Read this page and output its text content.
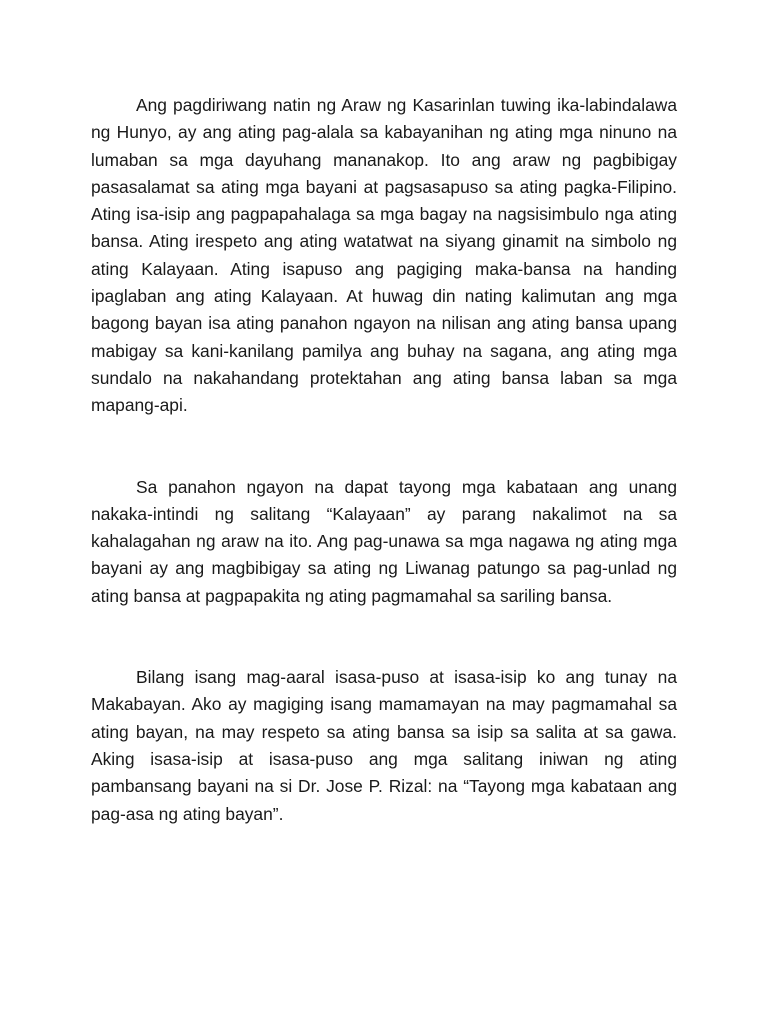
Ang pagdiriwang natin ng Araw ng Kasarinlan tuwing ika-labindalawa ng Hunyo, ay ang ating pag-alala sa kabayanihan ng ating mga ninuno na lumaban sa mga dayuhang mananakop. Ito ang araw ng pagbibigay pasasalamat sa ating mga bayani at pagsasapuso sa ating pagka-Filipino. Ating isa-isip ang pagpapahalaga sa mga bagay na nagsisimbulo nga ating bansa. Ating irespeto ang ating watatwat na siyang ginamit na simbolo ng ating Kalayaan. Ating isapuso ang pagiging maka-bansa na handing ipaglaban ang ating Kalayaan. At huwag din nating kalimutan ang mga bagong bayan isa ating panahon ngayon na nilisan ang ating bansa upang mabigay sa kani-kanilang pamilya ang buhay na sagana, ang ating mga sundalo na nakahandang protektahan ang ating bansa laban sa mga mapang-api.

Sa panahon ngayon na dapat tayong mga kabataan ang unang nakaka-intindi ng salitang “Kalayaan” ay parang nakalimot na sa kahalagahan ng araw na ito. Ang pag-unawa sa mga nagawa ng ating mga bayani ay ang magbibigay sa ating ng Liwanag patungo sa pag-unlad ng ating bansa at pagpapakita ng ating pagmamahal sa sariling bansa.

Bilang isang mag-aaral isasa-puso at isasa-isip ko ang tunay na Makabayan. Ako ay magiging isang mamamayan na may pagmamahal sa ating bayan, na may respeto sa ating bansa sa isip sa salita at sa gawa. Aking isasa-isip at isasa-puso ang mga salitang iniwan ng ating pambansang bayani na si Dr. Jose P. Rizal: na “Tayong mga kabataan ang pag-asa ng ating bayan”.
